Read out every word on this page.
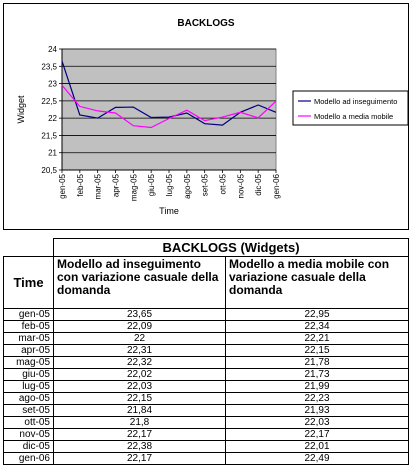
24
23,5
23
22,5
22
21,5
21
20,5
gen-05 feb-05 mar-05 apr-05 mag-05 giu-05 lug-05 ago-05 set-05 ott-05 nov-05 dic-05 gen-06
BACKLOGS
Time
Widget	Modello ad inseguimento
Modello a media mobile
	BACKLOGS (Widgets)	
Time	Modello ad inseguimento con variazione casuale della domanda	Modello a media mobile con variazione casuale della domanda
gen-05	23,65	22,95
feb-05	22,09	22,34
mar-05	22	22,21
apr-05	22,31	22,15
mag-05	22,32	21,78
giu-05	22,02	21,73
lug-05	22,03	21,99
ago-05	22,15	22,23
set-05	21,84	21,93
ott-05	21,8	22,03
nov-05	22,17	22,17
dic-05	22,38	22,01
gen-06	22,17	22,49
